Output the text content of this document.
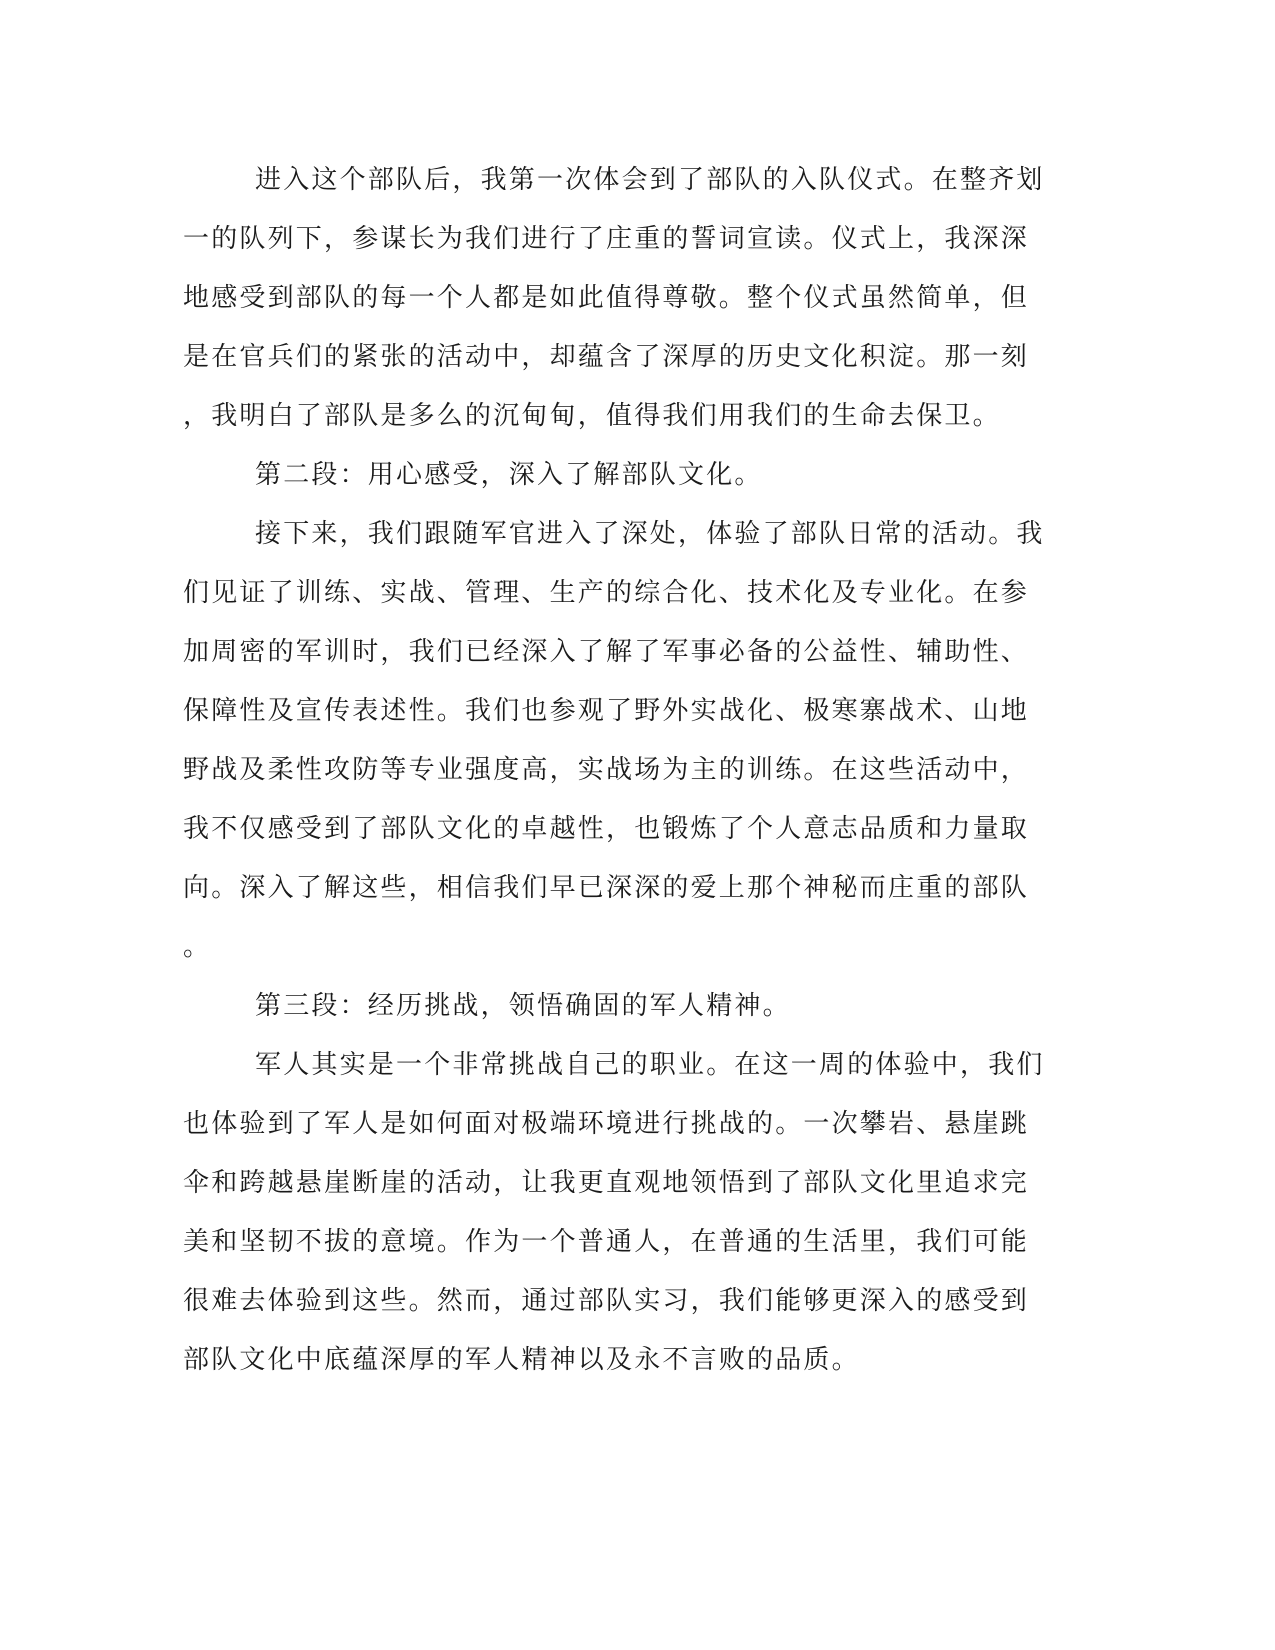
进入这个部队后，我第一次体会到了部队的入队仪式。在整齐划
一的队列下，参谋长为我们进行了庄重的誓词宣读。仪式上，我深深
地感受到部队的每一个人都是如此值得尊敬。整个仪式虽然简单，但
是在官兵们的紧张的活动中，却蕴含了深厚的历史文化积淀。那一刻
，我明白了部队是多么的沉甸甸，值得我们用我们的生命去保卫。
第二段：用心感受，深入了解部队文化。
接下来，我们跟随军官进入了深处，体验了部队日常的活动。我
们见证了训练、实战、管理、生产的综合化、技术化及专业化。在参
加周密的军训时，我们已经深入了解了军事必备的公益性、辅助性、
保障性及宣传表述性。我们也参观了野外实战化、极寒寨战术、山地
野战及柔性攻防等专业强度高，实战场为主的训练。在这些活动中，
我不仅感受到了部队文化的卓越性，也锻炼了个人意志品质和力量取
向。深入了解这些，相信我们早已深深的爱上那个神秘而庄重的部队
。
第三段：经历挑战，领悟确固的军人精神。
军人其实是一个非常挑战自己的职业。在这一周的体验中，我们
也体验到了军人是如何面对极端环境进行挑战的。一次攀岩、悬崖跳
伞和跨越悬崖断崖的活动，让我更直观地领悟到了部队文化里追求完
美和坚韧不拔的意境。作为一个普通人，在普通的生活里，我们可能
很难去体验到这些。然而，通过部队实习，我们能够更深入的感受到
部队文化中底蕴深厚的军人精神以及永不言败的品质。
